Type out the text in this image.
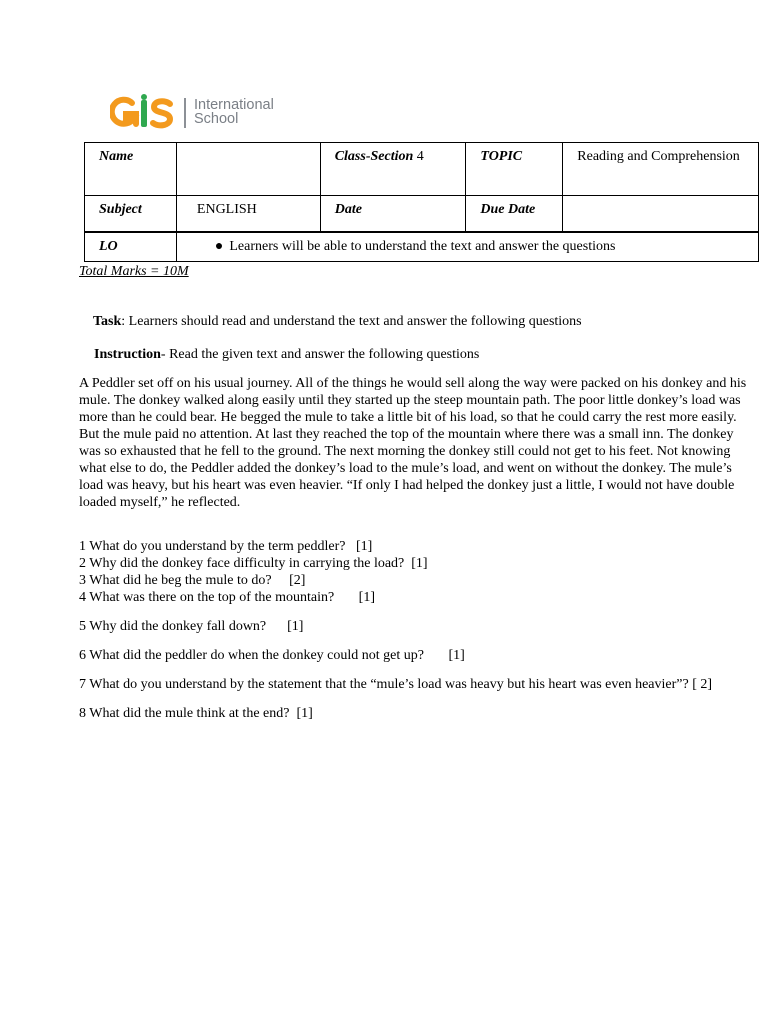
International
School
Name		Class-Section 4	TOPIC	Reading and Comprehension
Subject	ENGLISH	Date	Due Date	
LO	● Learners will be able to understand the text and answer the questions			
Total Marks = 10M
Task: Learners should read and understand the text and answer the following questions
Instruction- Read the given text and answer the following questions

A Peddler set off on his usual journey. All of the things he would sell along the way were packed on his donkey and his mule. The donkey walked along easily until they started up the steep mountain path. The poor little donkey’s load was more than he could bear. He begged the mule to take a little bit of his load, so that he could carry the rest more easily. But the mule paid no attention. At last they reached the top of the mountain where there was a small inn. The donkey was so exhausted that he fell to the ground. The next morning the donkey still could not get to his feet. Not knowing what else to do, the Peddler added the donkey’s load to the mule’s load, and went on without the donkey. The mule’s load was heavy, but his heart was even heavier. “If only I had helped the donkey just a little, I would not have double loaded myself,” he reflected.

1 What do you understand by the term peddler?   [1]

2 Why did the donkey face difficulty in carrying the load?  [1]

3 What did he beg the mule to do?     [2]

4 What was there on the top of the mountain?       [1]

5 Why did the donkey fall down?      [1]

6 What did the peddler do when the donkey could not get up?       [1]

7 What do you understand by the statement that the “mule’s load was heavy but his heart was even heavier”? [ 2]

8 What did the mule think at the end?  [1]
